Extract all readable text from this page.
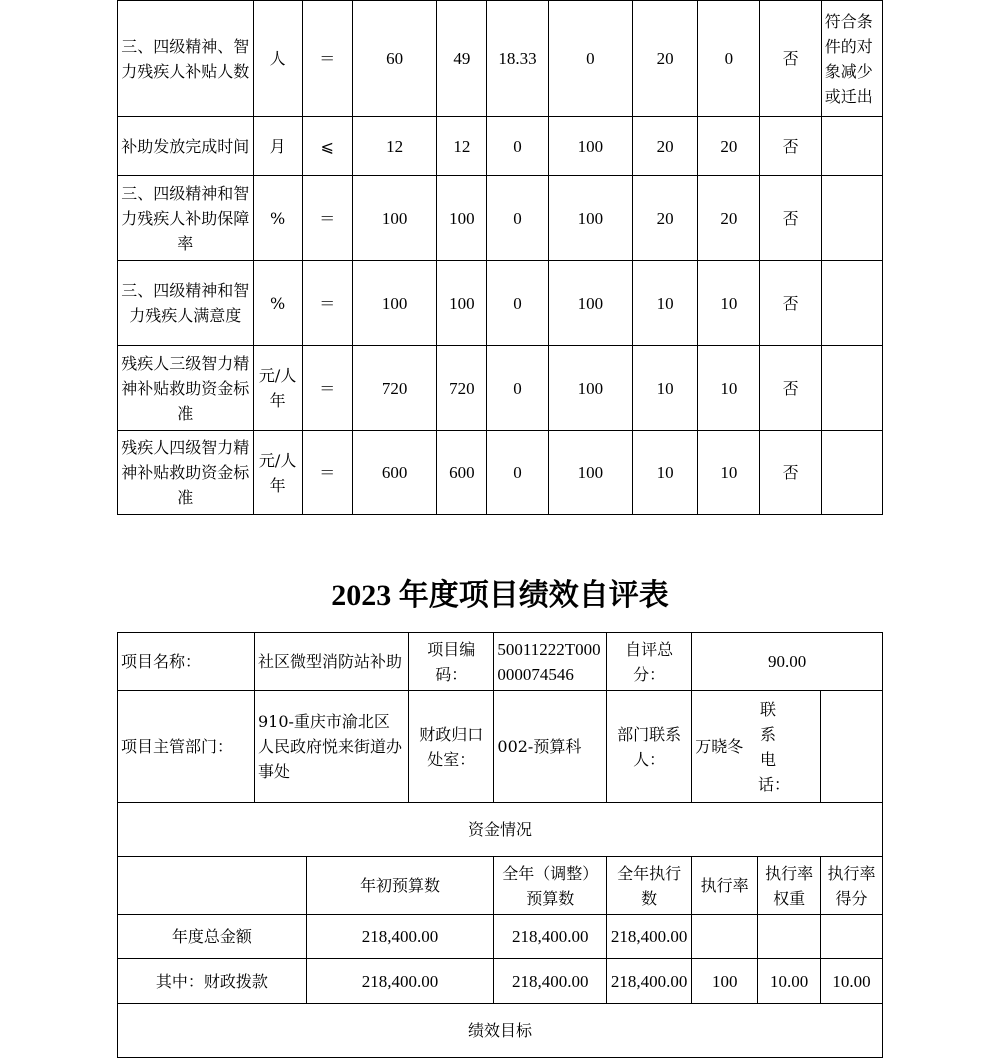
三、四级精神、智力残疾人补贴人数	人	＝	60	49	18.33	0	20	0	否	符合条件的对象减少或迁出
补助发放完成时间	月	⩽	12	12	0	100	20	20	否	
三、四级精神和智力残疾人补助保障率	%	＝	100	100	0	100	20	20	否	
三、四级精神和智力残疾人满意度	%	＝	100	100	0	100	10	10	否	
残疾人三级智力精神补贴救助资金标准	元/人年	＝	720	720	0	100	10	10	否	
残疾人四级智力精神补贴救助资金标准	元/人年	＝	600	600	0	100	10	10	否	
2023 年度项目绩效自评表
项目名称：	社区微型消防站补助		项目编码：	50011222T000000074546	自评总分：	90.00		
项目主管部门：	910-重庆市渝北区人民政府悦来街道办事处		财政归口处室：	002-预算科	部门联系人：	万晓冬		联系电话：

资金情况								
		年初预算数		全年（调整）预算数	全年执行数	执行率	执行率权重	执行率得分
年度总金额		218,400.00		218,400.00	218,400.00			
其中：财政拨款		218,400.00		218,400.00	218,400.00	100	10.00	10.00
绩效目标								
